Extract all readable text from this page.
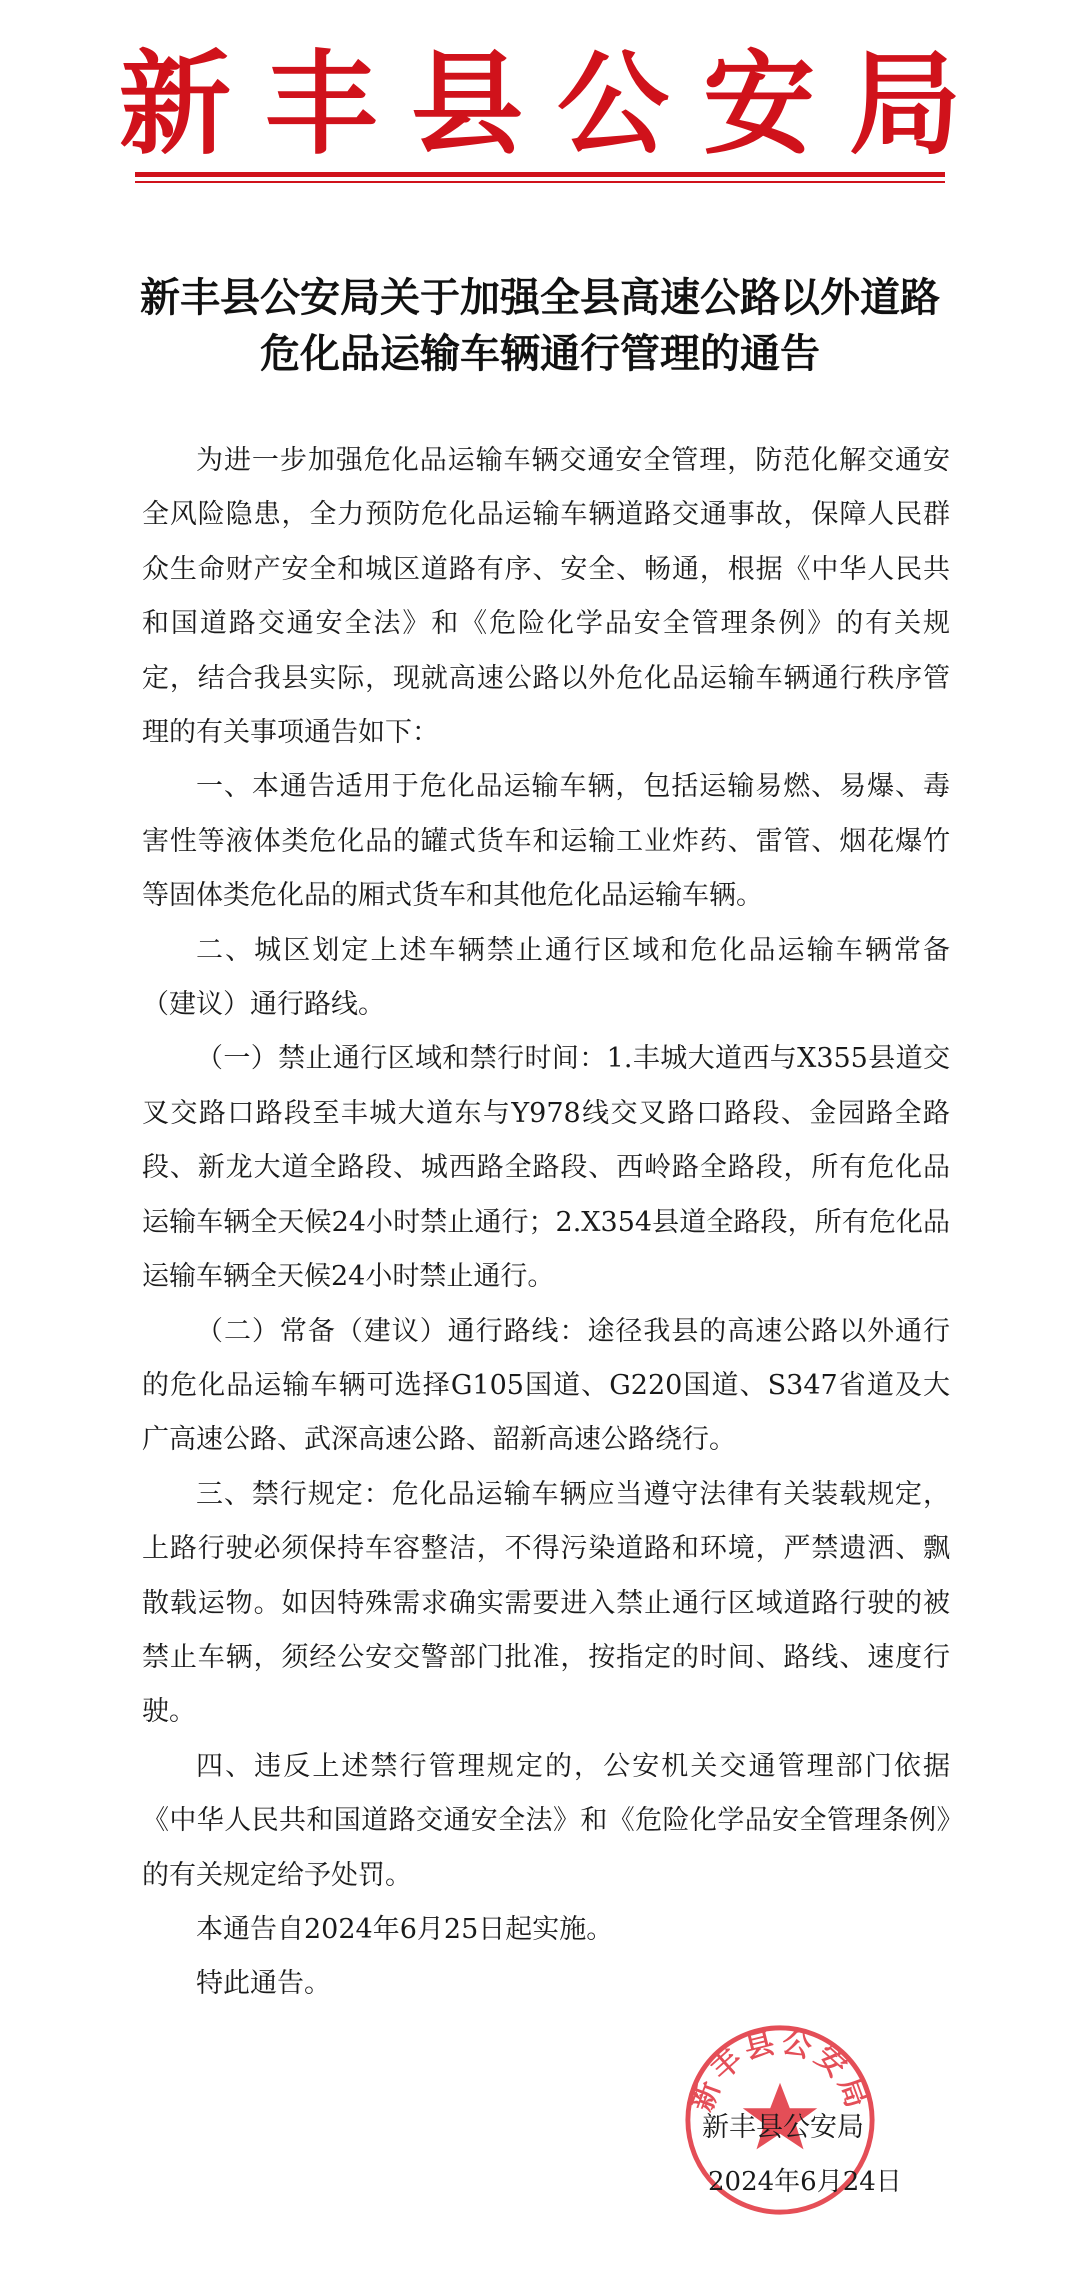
新丰县公安局
新丰县公安局关于加强全县高速公路以外道路
危化品运输车辆通行管理的通告

为进一步加强危化品运输车辆交通安全管理，防范化解交通安全风险隐患，全力预防危化品运输车辆道路交通事故，保障人民群众生命财产安全和城区道路有序、安全、畅通，根据《中华人民共和国道路交通安全法》和《危险化学品安全管理条例》的有关规定，结合我县实际，现就高速公路以外危化品运输车辆通行秩序管理的有关事项通告如下：

一、本通告适用于危化品运输车辆，包括运输易燃、易爆、毒害性等液体类危化品的罐式货车和运输工业炸药、雷管、烟花爆竹等固体类危化品的厢式货车和其他危化品运输车辆。

二、城区划定上述车辆禁止通行区域和危化品运输车辆常备（建议）通行路线。

（一）禁止通行区域和禁行时间：1.丰城大道西与X355县道交叉交路口路段至丰城大道东与Y978线交叉路口路段、金园路全路段、新龙大道全路段、城西路全路段、西岭路全路段，所有危化品运输车辆全天候24小时禁止通行；2.X354县道全路段，所有危化品运输车辆全天候24小时禁止通行。

（二）常备（建议）通行路线：途径我县的高速公路以外通行的危化品运输车辆可选择G105国道、G220国道、S347省道及大广高速公路、武深高速公路、韶新高速公路绕行。

三、禁行规定：危化品运输车辆应当遵守法律有关装载规定，上路行驶必须保持车容整洁，不得污染道路和环境，严禁遗洒、飘散载运物。如因特殊需求确实需要进入禁止通行区域道路行驶的被禁止车辆，须经公安交警部门批准，按指定的时间、路线、速度行驶。

四、违反上述禁行管理规定的，公安机关交通管理部门依据《中华人民共和国道路交通安全法》和《危险化学品安全管理条例》的有关规定给予处罚。

本通告自2024年6月25日起实施。

特此通告。

新丰县公安局
新丰县公安局
2024年6月24日
